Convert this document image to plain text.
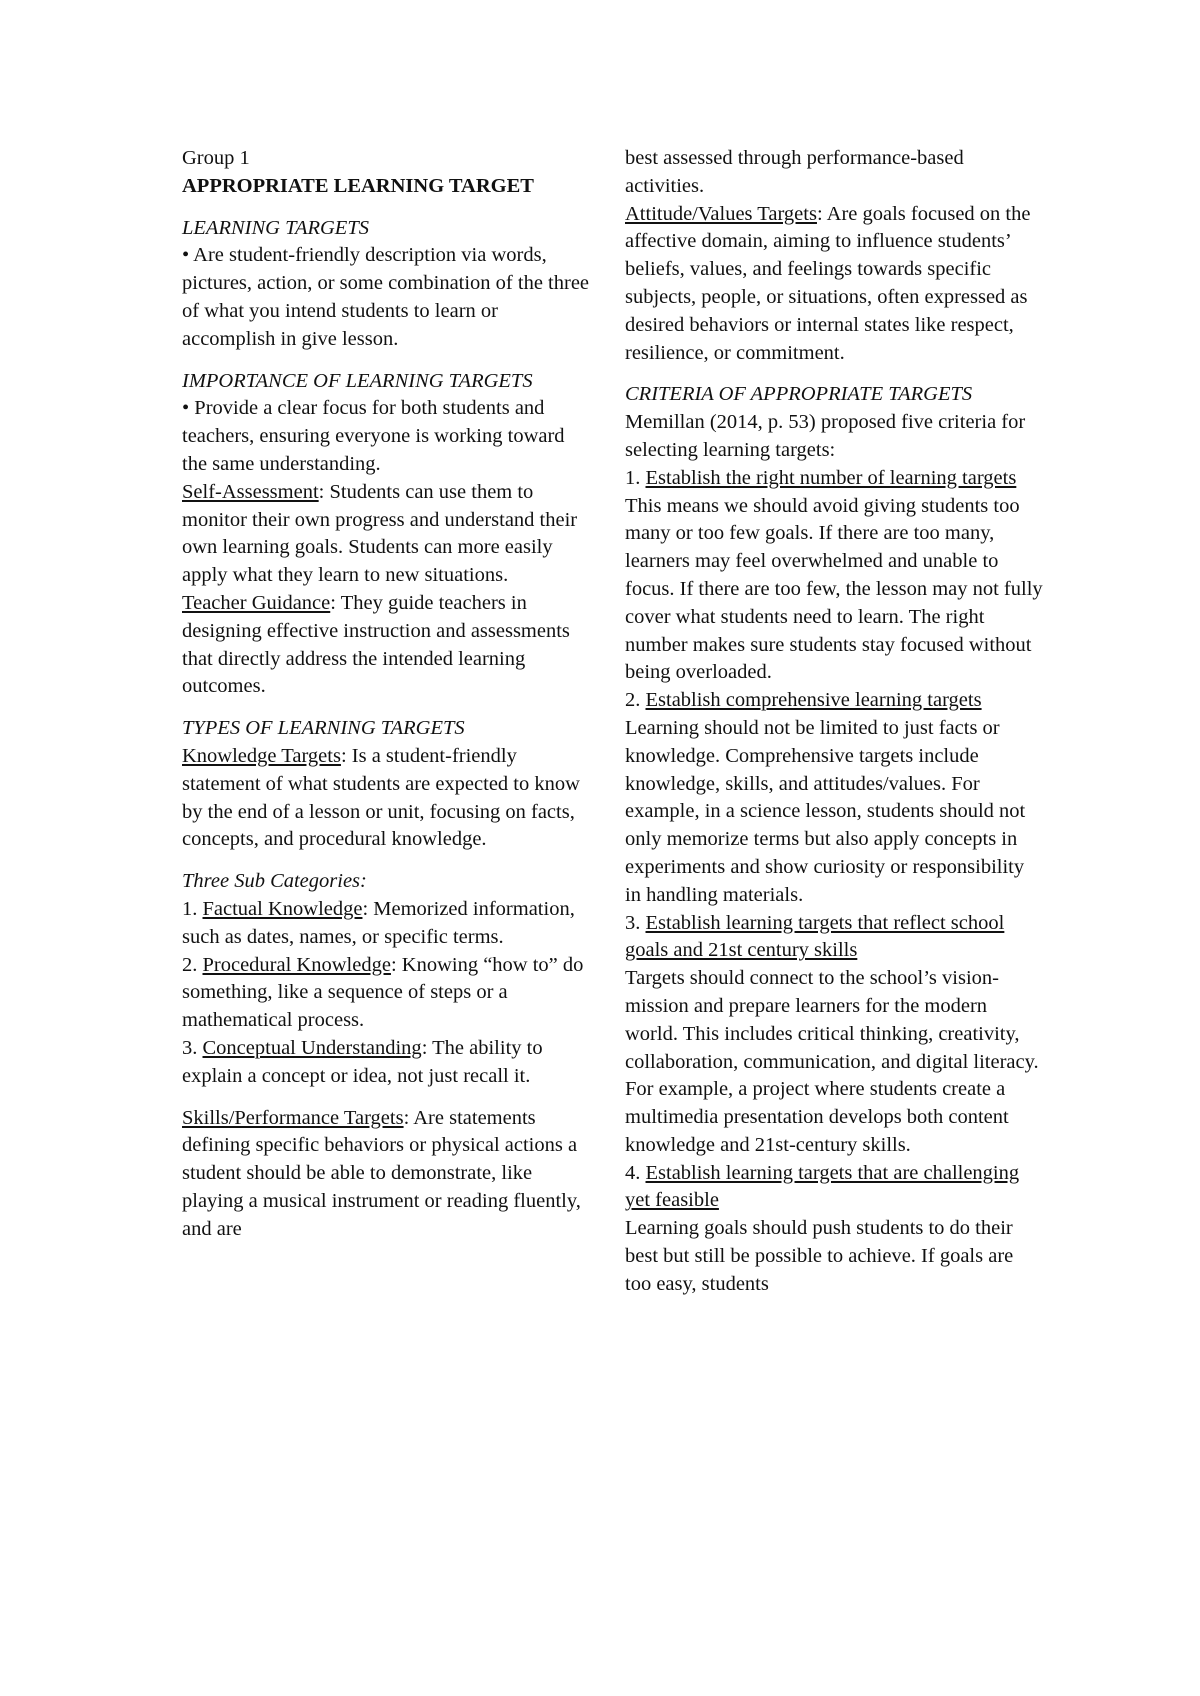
Group 1

APPROPRIATE LEARNING TARGET

LEARNING TARGETS

• Are student-friendly description via words, pictures, action, or some combination of the three of what you intend students to learn or accomplish in give lesson.

IMPORTANCE OF LEARNING TARGETS

• Provide a clear focus for both students and teachers, ensuring everyone is working toward the same understanding.

Self-Assessment: Students can use them to monitor their own progress and understand their own learning goals. Students can more easily apply what they learn to new situations.

Teacher Guidance: They guide teachers in designing effective instruction and assessments that directly address the intended learning outcomes.

TYPES OF LEARNING TARGETS

Knowledge Targets: Is a student-friendly statement of what students are expected to know by the end of a lesson or unit, focusing on facts, concepts, and procedural knowledge.

Three Sub Categories:

1. Factual Knowledge: Memorized information, such as dates, names, or specific terms.

2. Procedural Knowledge: Knowing “how to” do something, like a sequence of steps or a mathematical process.

3. Conceptual Understanding: The ability to explain a concept or idea, not just recall it.

Skills/Performance Targets: Are statements defining specific behaviors or physical actions a student should be able to demonstrate, like playing a musical instrument or reading fluently, and are

best assessed through performance-based activities.

Attitude/Values Targets: Are goals focused on the affective domain, aiming to influence students’ beliefs, values, and feelings towards specific subjects, people, or situations, often expressed as desired behaviors or internal states like respect, resilience, or commitment.

CRITERIA OF APPROPRIATE TARGETS

Memillan (2014, p. 53) proposed five criteria for selecting learning targets:

1. Establish the right number of learning targets

This means we should avoid giving students too many or too few goals. If there are too many, learners may feel overwhelmed and unable to focus. If there are too few, the lesson may not fully cover what students need to learn. The right number makes sure students stay focused without being overloaded.

2. Establish comprehensive learning targets

Learning should not be limited to just facts or knowledge. Comprehensive targets include knowledge, skills, and attitudes/values. For example, in a science lesson, students should not only memorize terms but also apply concepts in experiments and show curiosity or responsibility in handling materials.

3. Establish learning targets that reflect school goals and 21st century skills

Targets should connect to the school’s vision-mission and prepare learners for the modern world. This includes critical thinking, creativity, collaboration, communication, and digital literacy. For example, a project where students create a multimedia presentation develops both content knowledge and 21st-century skills.

4. Establish learning targets that are challenging yet feasible

Learning goals should push students to do their best but still be possible to achieve. If goals are too easy, students
